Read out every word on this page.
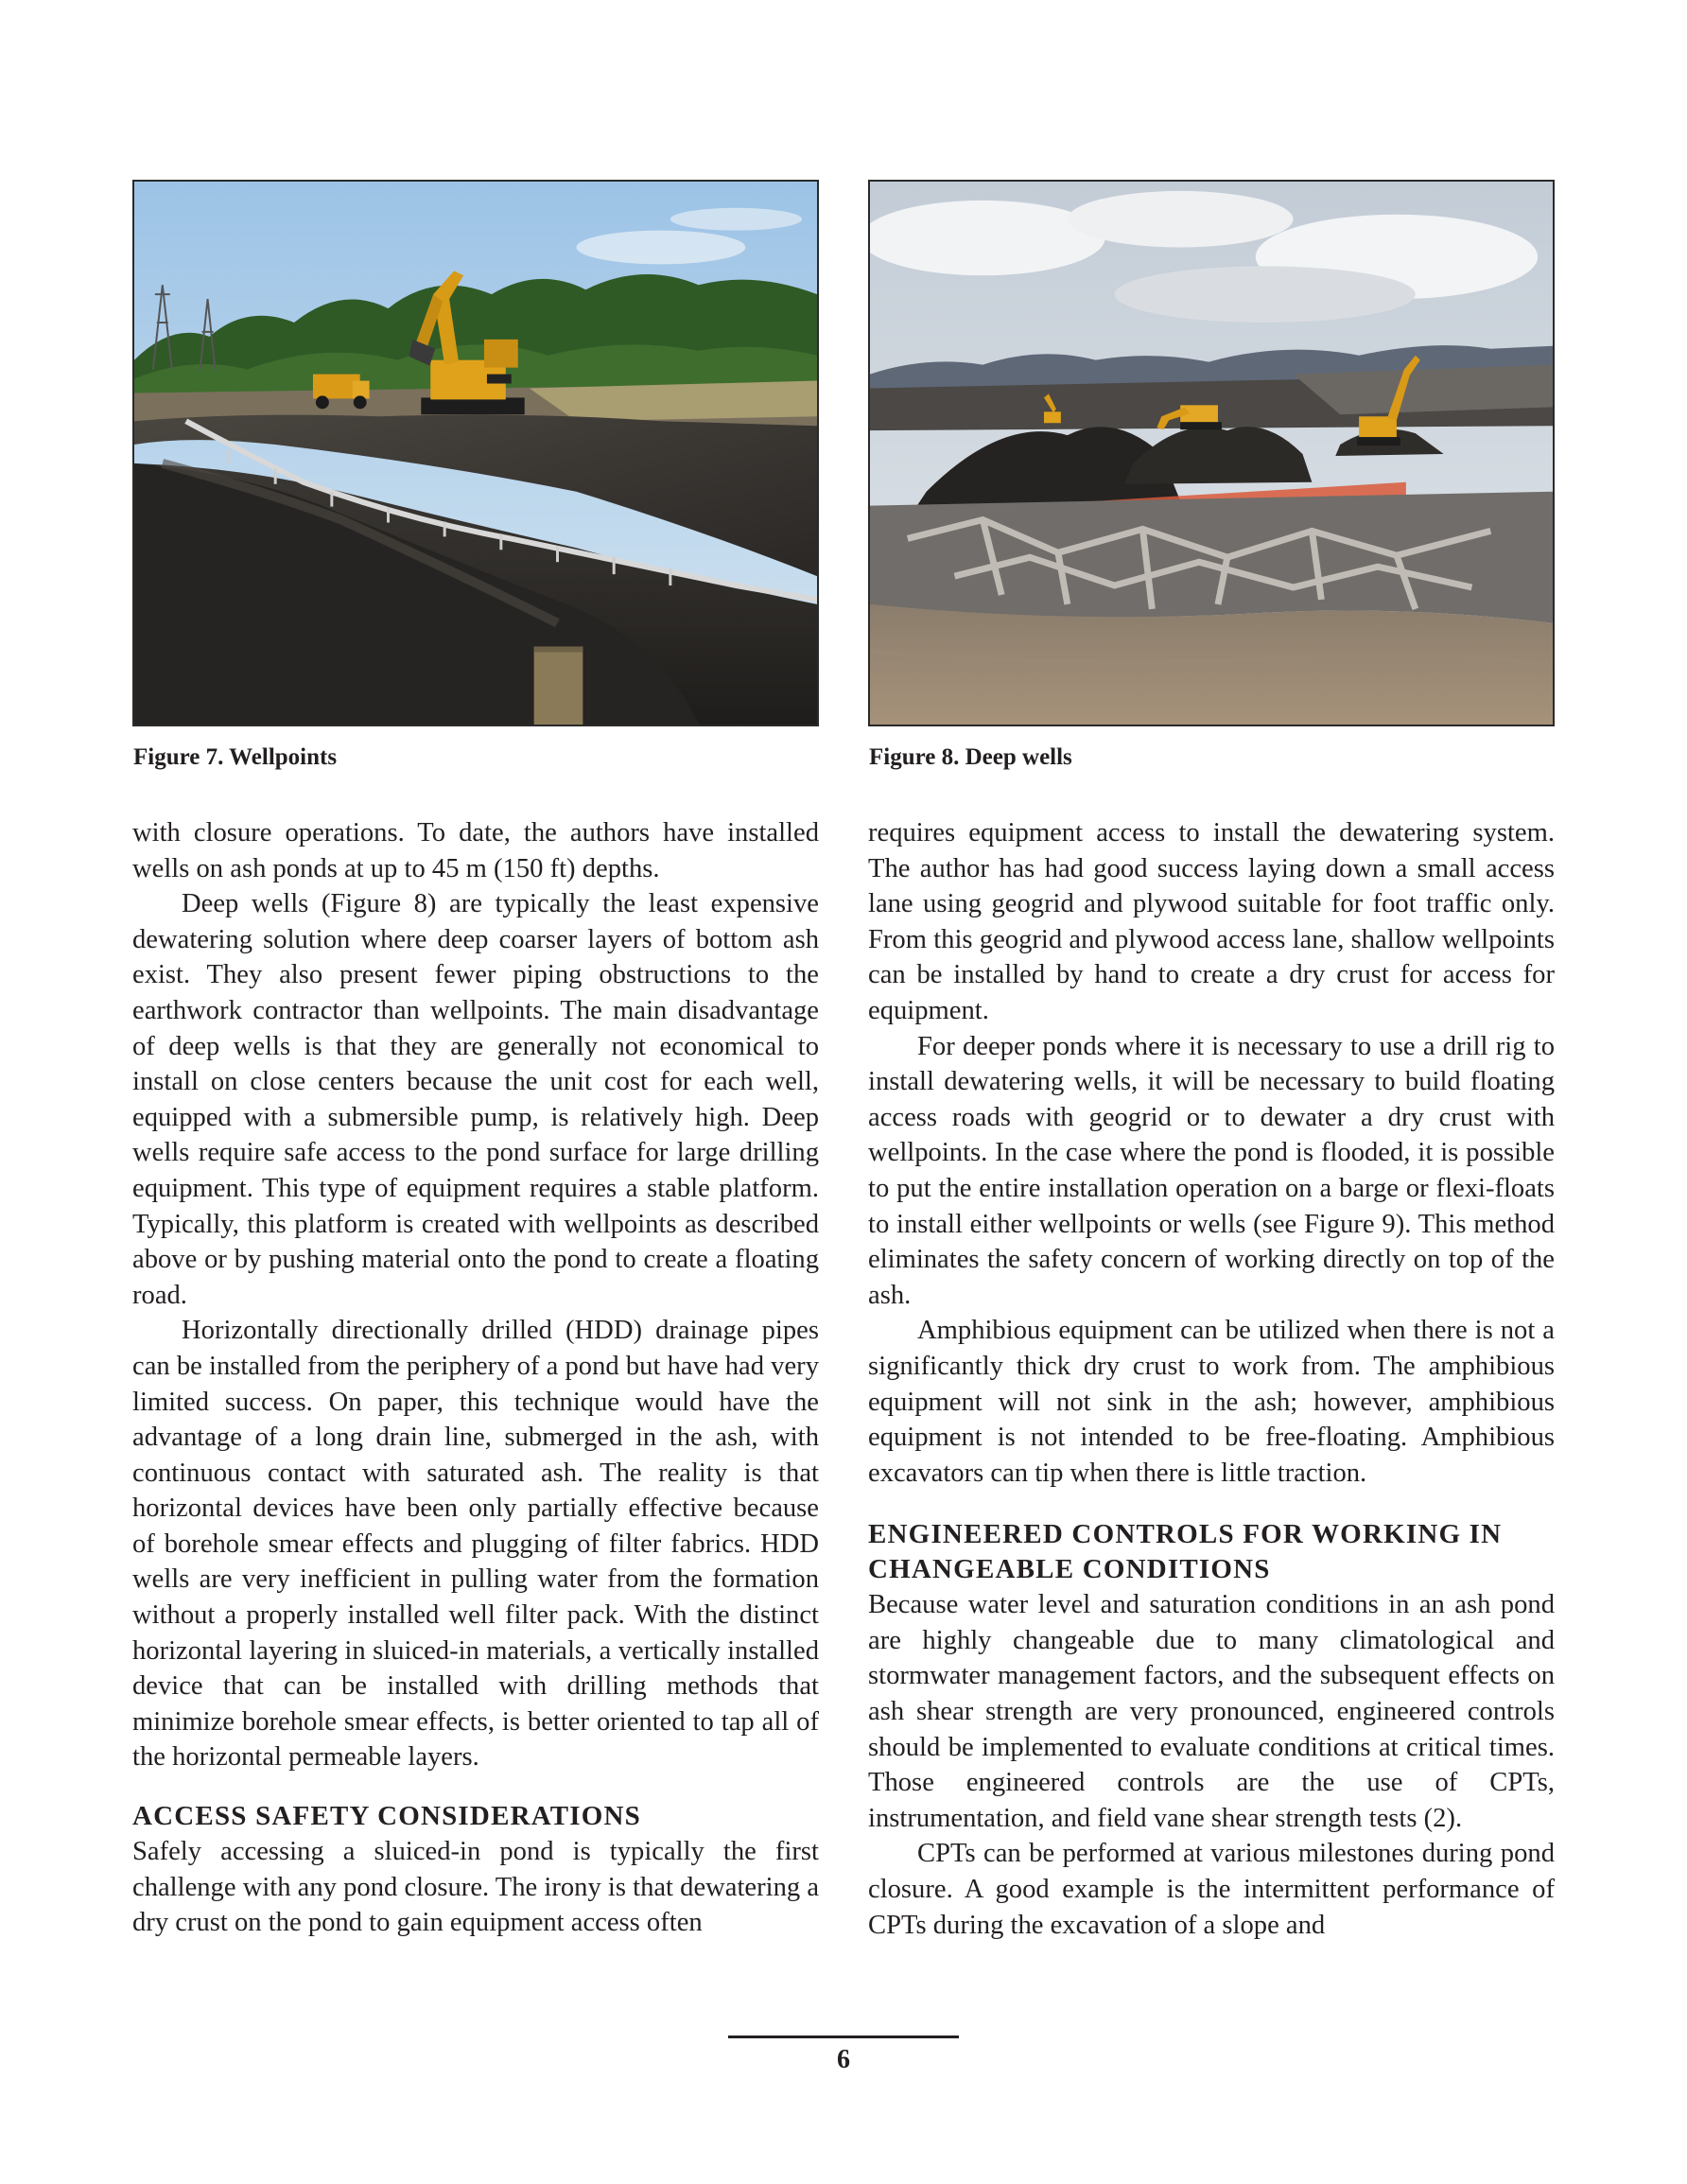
Figure 7. Wellpoints	Figure 8. Deep wells

with closure operations. To date, the authors have installed wells on ash ponds at up to 45 m (150 ft) depths.

Deep wells (Figure 8) are typically the least expensive dewatering solution where deep coarser layers of bottom ash exist. They also present fewer piping obstructions to the earthwork contractor than wellpoints. The main disadvantage of deep wells is that they are generally not economical to install on close centers because the unit cost for each well, equipped with a submersible pump, is relatively high. Deep wells require safe access to the pond surface for large drilling equipment. This type of equipment requires a stable platform. Typically, this platform is created with wellpoints as described above or by pushing material onto the pond to create a floating road.

Horizontally directionally drilled (HDD) drainage pipes can be installed from the periphery of a pond but have had very limited success. On paper, this technique would have the advantage of a long drain line, submerged in the ash, with continuous contact with saturated ash. The reality is that horizontal devices have been only partially effective because of borehole smear effects and plugging of filter fabrics. HDD wells are very inefficient in pulling water from the formation without a properly installed well filter pack. With the distinct horizontal layering in sluiced-in materials, a vertically installed device that can be installed with drilling methods that minimize borehole smear effects, is better oriented to tap all of the horizontal permeable layers.

ACCESS SAFETY CONSIDERATIONS

Safely accessing a sluiced-in pond is typically the first challenge with any pond closure. The irony is that dewatering a dry crust on the pond to gain equipment access often

requires equipment access to install the dewatering system. The author has had good success laying down a small access lane using geogrid and plywood suitable for foot traffic only. From this geogrid and plywood access lane, shallow wellpoints can be installed by hand to create a dry crust for access for equipment.

For deeper ponds where it is necessary to use a drill rig to install dewatering wells, it will be necessary to build floating access roads with geogrid or to dewater a dry crust with wellpoints. In the case where the pond is flooded, it is possible to put the entire installation operation on a barge or flexi-floats to install either wellpoints or wells (see Figure 9). This method eliminates the safety concern of working directly on top of the ash.

Amphibious equipment can be utilized when there is not a significantly thick dry crust to work from. The amphibious equipment will not sink in the ash; however, amphibious equipment is not intended to be free-floating. Amphibious excavators can tip when there is little traction.

ENGINEERED CONTROLS FOR WORKING IN CHANGEABLE CONDITIONS

Because water level and saturation conditions in an ash pond are highly changeable due to many climatological and stormwater management factors, and the subsequent effects on ash shear strength are very pronounced, engineered controls should be implemented to evaluate conditions at critical times. Those engineered controls are the use of CPTs, instrumentation, and field vane shear strength tests (2).

CPTs can be performed at various milestones during pond closure. A good example is the intermittent performance of CPTs during the excavation of a slope and

6
